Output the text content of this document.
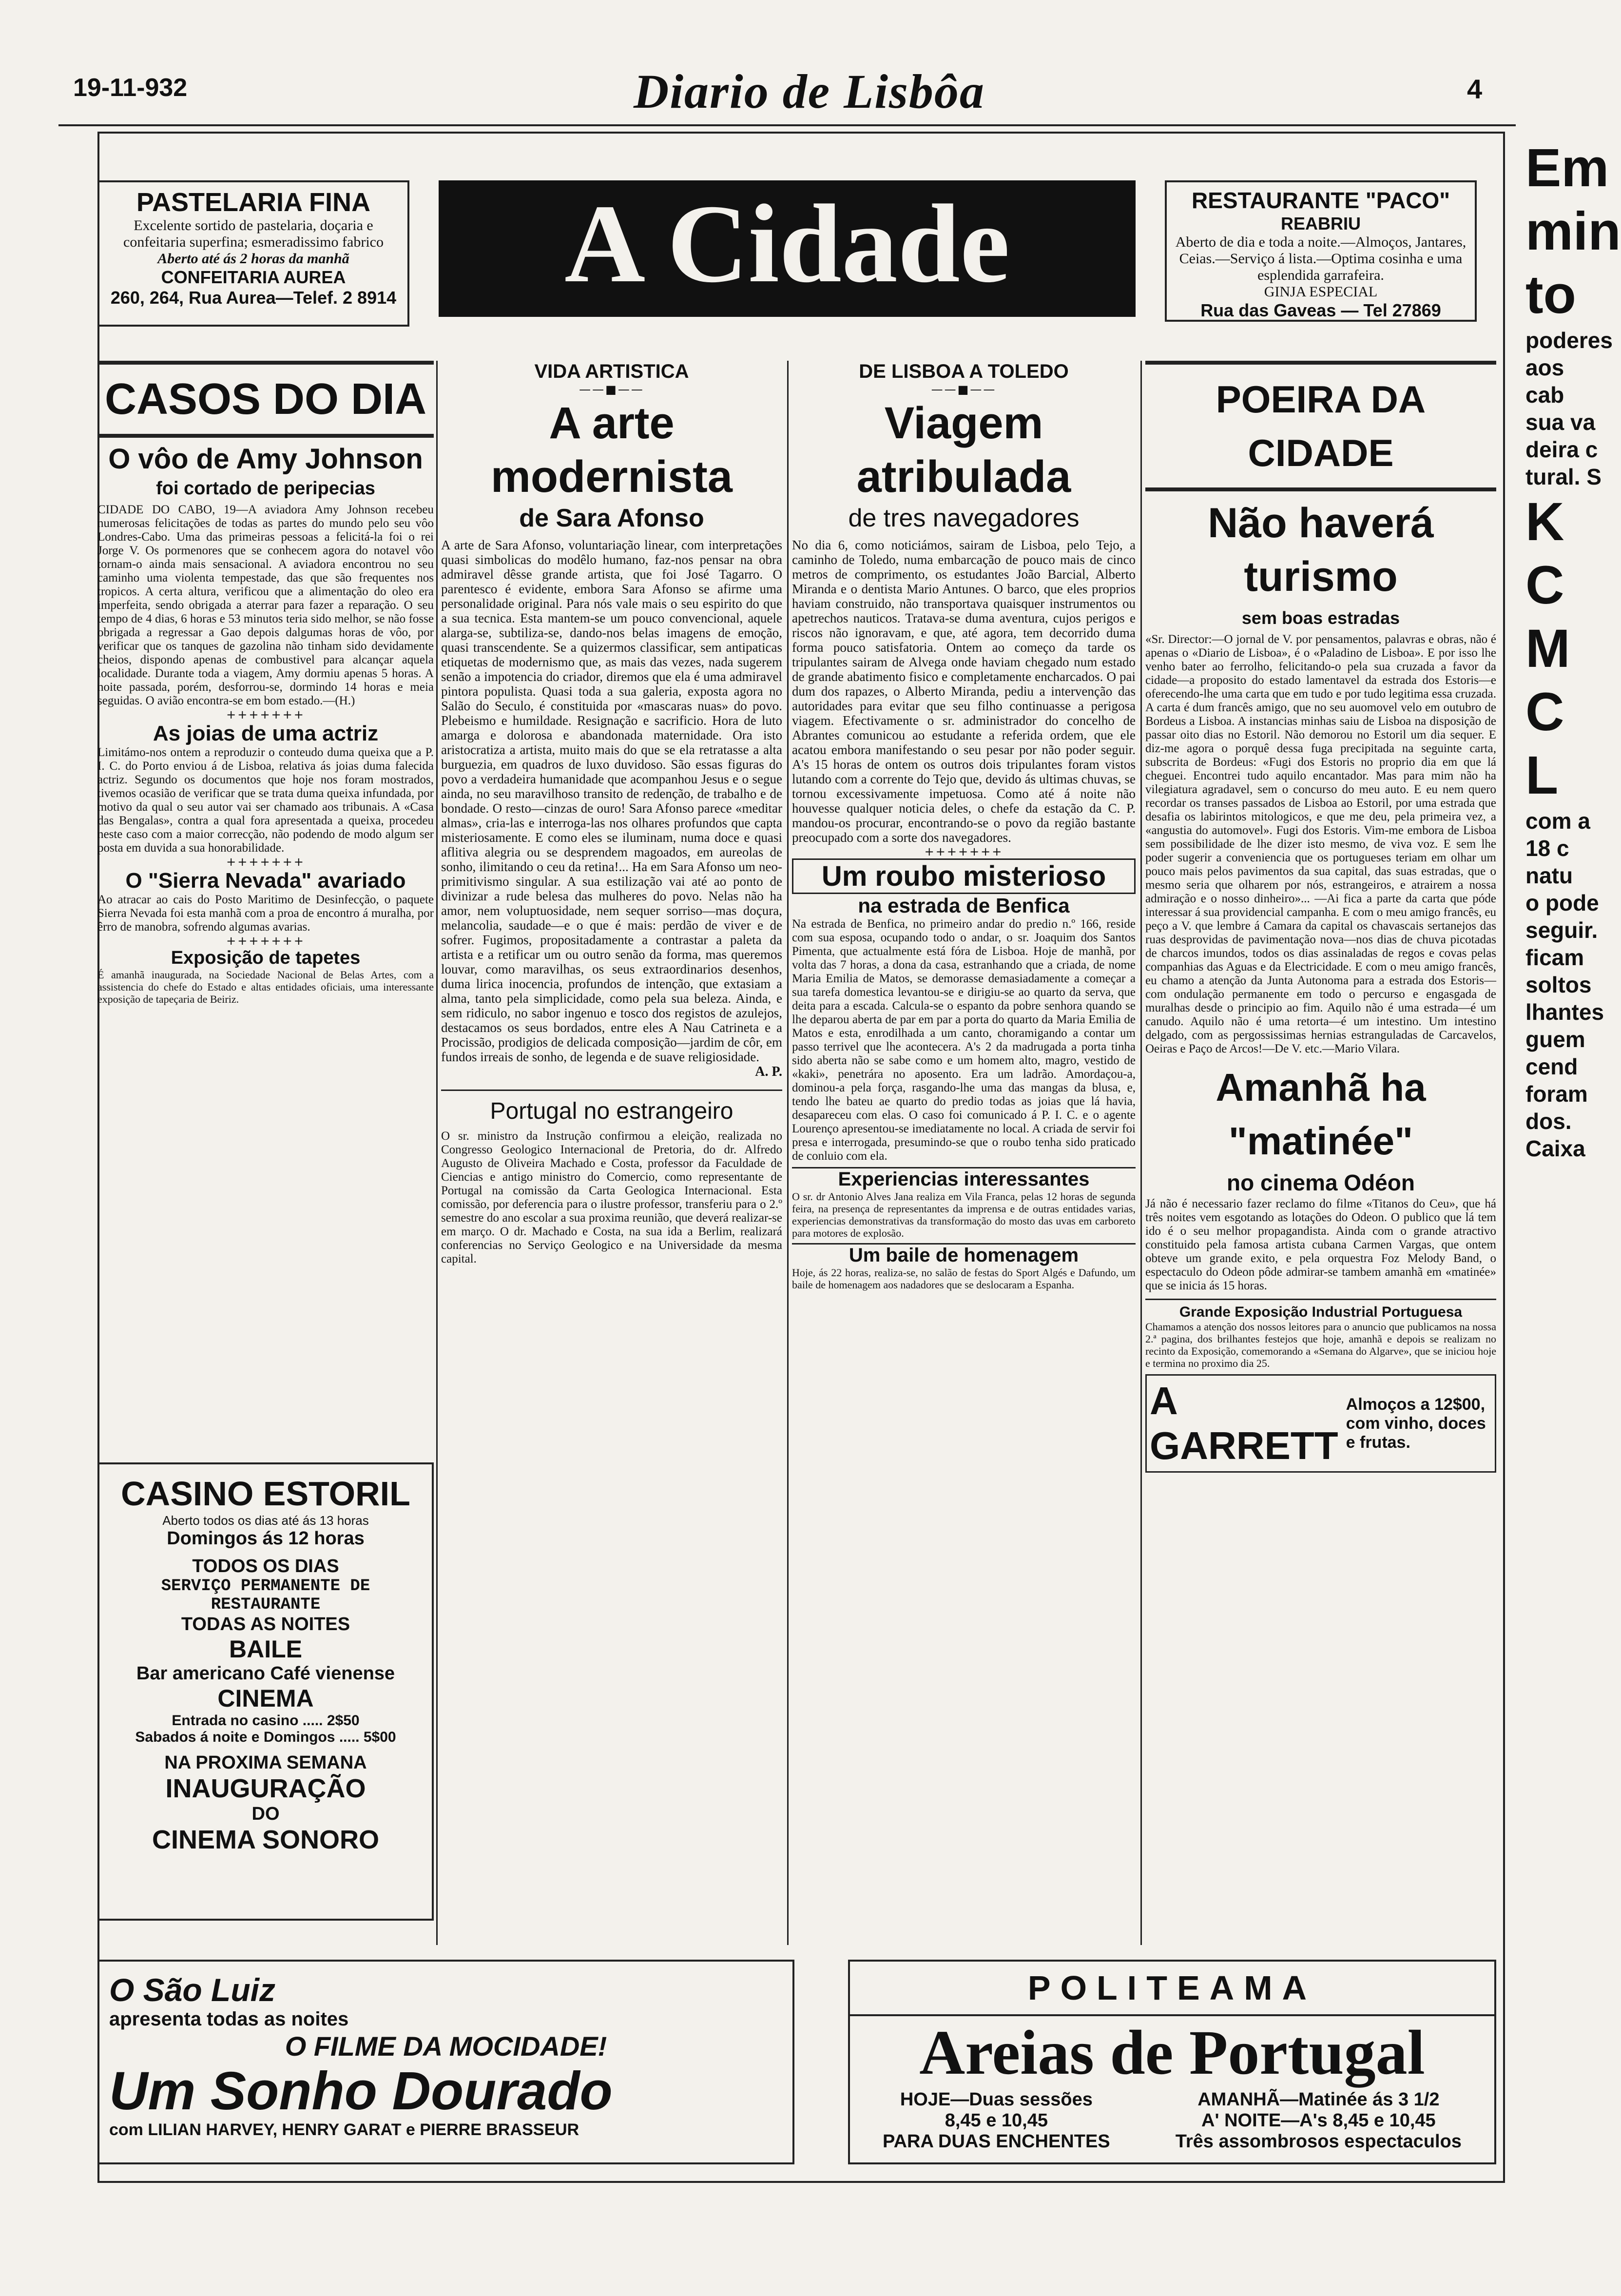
19-11-932	Diario de Lisbôa	4
PASTELARIA FINA
Excelente sortido de pastelaria, doçaria e confeitaria superfina; esmeradissimo fabrico
Aberto até ás 2 horas da manhã
CONFEITARIA AUREA
260, 264, Rua Aurea—Telef. 2 8914	A Cidade	RESTAURANTE "PACO"
REABRIU
Aberto de dia e toda a noite.—Almoços, Jantares, Ceias.—Serviço á lista.—Optima cosinha e uma esplendida garrafeira.
GINJA ESPECIAL
Rua das Gaveas — Tel 27869
CASOS DO DIA
O vôo de Amy Johnson
foi cortado de peripecias
CIDADE DO CABO, 19—A aviadora Amy Johnson recebeu numerosas felicitações de todas as partes do mundo pelo seu vôo Londres-Cabo. Uma das primeiras pessoas a felicitá-la foi o rei Jorge V. Os pormenores que se conhecem agora do notavel vôo tornam-o ainda mais sensacional. A aviadora encontrou no seu caminho uma violenta tempestade, das que são frequentes nos tropicos. A certa altura, verificou que a alimentação do oleo era imperfeita, sendo obrigada a aterrar para fazer a reparação. O seu tempo de 4 dias, 6 horas e 53 minutos teria sido melhor, se não fosse obrigada a regressar a Gao depois dalgumas horas de vôo, por verificar que os tanques de gazolina não tinham sido devidamente cheios, dispondo apenas de combustivel para alcançar aquela localidade. Durante toda a viagem, Amy dormiu apenas 5 horas. A noite passada, porém, desforrou-se, dormindo 14 horas e meia seguidas. O avião encontra-se em bom estado.—(H.)
+++++++
As joias de uma actriz
Limitámo-nos ontem a reproduzir o conteudo duma queixa que a P. I. C. do Porto enviou á de Lisboa, relativa ás joias duma falecida actriz. Segundo os documentos que hoje nos foram mostrados, tivemos ocasião de verificar que se trata duma queixa infundada, por motivo da qual o seu autor vai ser chamado aos tribunais. A «Casa das Bengalas», contra a qual fora apresentada a queixa, procedeu neste caso com a maior correcção, não podendo de modo algum ser posta em duvida a sua honorabilidade.
+++++++
O "Sierra Nevada" avariado
Ao atracar ao cais do Posto Maritimo de Desinfecção, o paquete Sierra Nevada foi esta manhã com a proa de encontro á muralha, por êrro de manobra, sofrendo algumas avarias.
+++++++
Exposição de tapetes
É amanhã inaugurada, na Sociedade Nacional de Belas Artes, com a assistencia do chefe do Estado e altas entidades oficiais, uma interessante exposição de tapeçaria de Beiriz.
CASINO ESTORIL
Aberto todos os dias até ás 13 horas
Domingos ás 12 horas
TODOS OS DIAS
SERVIÇO PERMANENTE DE RESTAURANTE
TODAS AS NOITES
BAILE
Bar americano Café vienense
CINEMA
Entrada no casino ..... 2$50
Sabados á noite e Domingos ..... 5$00
NA PROXIMA SEMANA
INAUGURAÇÃO
DO
CINEMA SONORO
VIDA ARTISTICA
——■——
A arte modernista
de Sara Afonso
A arte de Sara Afonso, voluntariação linear, com interpretações quasi simbolicas do modêlo humano, faz-nos pensar na obra admiravel dêsse grande artista, que foi José Tagarro. O parentesco é evidente, embora Sara Afonso se afirme uma personalidade original. Para nós vale mais o seu espirito do que a sua tecnica. Esta mantem-se um pouco convencional, aquele alarga-se, subtiliza-se, dando-nos belas imagens de emoção, quasi transcendente. Se a quizermos classificar, sem antipaticas etiquetas de modernismo que, as mais das vezes, nada sugerem senão a impotencia do criador, diremos que ela é uma admiravel pintora populista. Quasi toda a sua galeria, exposta agora no Salão do Seculo, é constituida por «mascaras nuas» do povo. Plebeismo e humildade. Resignação e sacrificio. Hora de luto amarga e dolorosa e abandonada maternidade. Ora isto aristocratiza a artista, muito mais do que se ela retratasse a alta burguezia, em quadros de luxo duvidoso. São essas figuras do povo a verdadeira humanidade que acompanhou Jesus e o segue ainda, no seu maravilhoso transito de redenção, de trabalho e de bondade. O resto—cinzas de ouro! Sara Afonso parece «meditar almas», cria-las e interroga-las nos olhares profundos que capta misteriosamente. E como eles se iluminam, numa doce e quasi aflitiva alegria ou se desprendem magoados, em aureolas de sonho, ilimitando o ceu da retina!... Ha em Sara Afonso um neo-primitivismo singular. A sua estilização vai até ao ponto de divinizar a rude belesa das mulheres do povo. Nelas não ha amor, nem voluptuosidade, nem sequer sorriso—mas doçura, melancolia, saudade—e o que é mais: perdão de viver e de sofrer. Fugimos, propositadamente a contrastar a paleta da artista e a retificar um ou outro senão da forma, mas queremos louvar, como maravilhas, os seus extraordinarios desenhos, duma lirica inocencia, profundos de intenção, que extasiam a alma, tanto pela simplicidade, como pela sua beleza. Ainda, e sem ridiculo, no sabor ingenuo e tosco dos registos de azulejos, destacamos os seus bordados, entre eles A Nau Catrineta e a Procissão, prodigios de delicada composição—jardim de côr, em fundos irreais de sonho, de legenda e de suave religiosidade.
A. P.
Portugal no estrangeiro
O sr. ministro da Instrução confirmou a eleição, realizada no Congresso Geologico Internacional de Pretoria, do dr. Alfredo Augusto de Oliveira Machado e Costa, professor da Faculdade de Ciencias e antigo ministro do Comercio, como representante de Portugal na comissão da Carta Geologica Internacional. Esta comissão, por deferencia para o ilustre professor, transferiu para o 2.º semestre do ano escolar a sua proxima reunião, que deverá realizar-se em março. O dr. Machado e Costa, na sua ida a Berlim, realizará conferencias no Serviço Geologico e na Universidade da mesma capital.
DE LISBOA A TOLEDO
——■——
Viagem atribulada
de tres navegadores
No dia 6, como noticiámos, sairam de Lisboa, pelo Tejo, a caminho de Toledo, numa embarcação de pouco mais de cinco metros de comprimento, os estudantes João Barcial, Alberto Miranda e o dentista Mario Antunes. O barco, que eles proprios haviam construido, não transportava quaisquer instrumentos ou apetrechos nauticos. Tratava-se duma aventura, cujos perigos e riscos não ignoravam, e que, até agora, tem decorrido duma forma pouco satisfatoria. Ontem ao começo da tarde os tripulantes sairam de Alvega onde haviam chegado num estado de grande abatimento fisico e completamente encharcados. O pai dum dos rapazes, o Alberto Miranda, pediu a intervenção das autoridades para evitar que seu filho continuasse a perigosa viagem. Efectivamente o sr. administrador do concelho de Abrantes comunicou ao estudante a referida ordem, que ele acatou embora manifestando o seu pesar por não poder seguir. A's 15 horas de ontem os outros dois tripulantes foram vistos lutando com a corrente do Tejo que, devido ás ultimas chuvas, se tornou excessivamente impetuosa. Como até á noite não houvesse qualquer noticia deles, o chefe da estação da C. P. mandou-os procurar, encontrando-se o povo da região bastante preocupado com a sorte dos navegadores.
+++++++
Um roubo misterioso
na estrada de Benfica
Na estrada de Benfica, no primeiro andar do predio n.º 166, reside com sua esposa, ocupando todo o andar, o sr. Joaquim dos Santos Pimenta, que actualmente está fóra de Lisboa. Hoje de manhã, por volta das 7 horas, a dona da casa, estranhando que a criada, de nome Maria Emilia de Matos, se demorasse demasiadamente a começar a sua tarefa domestica levantou-se e dirigiu-se ao quarto da serva, que deita para a escada. Calcula-se o espanto da pobre senhora quando se lhe deparou aberta de par em par a porta do quarto da Maria Emilia de Matos e esta, enrodilhada a um canto, choramigando a contar um passo terrivel que lhe acontecera. A's 2 da madrugada a porta tinha sido aberta não se sabe como e um homem alto, magro, vestido de «kaki», penetrára no aposento. Era um ladrão. Amordaçou-a, dominou-a pela força, rasgando-lhe uma das mangas da blusa, e, tendo lhe bateu ae quarto do predio todas as joias que lá havia, desapareceu com elas. O caso foi comunicado á P. I. C. e o agente Lourenço apresentou-se imediatamente no local. A criada de servir foi presa e interrogada, presumindo-se que o roubo tenha sido praticado de conluio com ela.
Experiencias interessantes
O sr. dr Antonio Alves Jana realiza em Vila Franca, pelas 12 horas de segunda feira, na presença de representantes da imprensa e de outras entidades varias, experiencias demonstrativas da transformação do mosto das uvas em carboreto para motores de explosão.
Um baile de homenagem
Hoje, ás 22 horas, realiza-se, no salão de festas do Sport Algés e Dafundo, um baile de homenagem aos nadadores que se deslocaram a Espanha.
POEIRA DA CIDADE
Não haverá turismo
sem boas estradas
«Sr. Director:—O jornal de V. por pensamentos, palavras e obras, não é apenas o «Diario de Lisboa», é o «Paladino de Lisboa». E por isso lhe venho bater ao ferrolho, felicitando-o pela sua cruzada a favor da cidade—a proposito do estado lamentavel da estrada dos Estoris—e oferecendo-lhe uma carta que em tudo e por tudo legitima essa cruzada. A carta é dum francês amigo, que no seu auomovel velo em outubro de Bordeus a Lisboa. A instancias minhas saiu de Lisboa na disposição de passar oito dias no Estoril. Não demorou no Estoril um dia sequer. E diz-me agora o porquê dessa fuga precipitada na seguinte carta, subscrita de Bordeus: «Fugi dos Estoris no proprio dia em que lá cheguei. Encontrei tudo aquilo encantador. Mas para mim não ha vilegiatura agradavel, sem o concurso do meu auto. E eu nem quero recordar os transes passados de Lisboa ao Estoril, por uma estrada que desafia os labirintos mitologicos, e que me deu, pela primeira vez, a «angustia do automovel». Fugi dos Estoris. Vim-me embora de Lisboa sem possibilidade de lhe dizer isto mesmo, de viva voz. E sem lhe poder sugerir a conveniencia que os portugueses teriam em olhar um pouco mais pelos pavimentos da sua capital, das suas estradas, que o mesmo seria que olharem por nós, estrangeiros, e atrairem a nossa admiração e o nosso dinheiro»... —Ai fica a parte da carta que póde interessar á sua providencial campanha. E com o meu amigo francês, eu peço a V. que lembre á Camara da capital os chavascais sertanejos das ruas desprovidas de pavimentação nova—nos dias de chuva picotadas de charcos imundos, todos os dias assinaladas de regos e covas pelas companhias das Aguas e da Electricidade. E com o meu amigo francês, eu chamo a atenção da Junta Autonoma para a estrada dos Estoris—com ondulação permanente em todo o percurso e engasgada de muralhas desde o principio ao fim. Aquilo não é uma estrada—é um canudo. Aquilo não é uma retorta—é um intestino. Um intestino delgado, com as pergossissimas hernias estranguladas de Carcavelos, Oeiras e Paço de Arcos!—De V. etc.—Mario Vilara.
Amanhã ha "matinée"
no cinema Odéon
Já não é necessario fazer reclamo do filme «Titanos do Ceu», que há três noites vem esgotando as lotações do Odeon. O publico que lá tem ido é o seu melhor propagandista. Ainda com o grande atractivo constituido pela famosa artista cubana Carmen Vargas, que ontem obteve um grande exito, e pela orquestra Foz Melody Band, o espectaculo do Odeon pôde admirar-se tambem amanhã em «matinée» que se inicia ás 15 horas.
Grande Exposição Industrial Portuguesa
Chamamos a atenção dos nossos leitores para o anuncio que publicamos na nossa 2.ª pagina, dos brilhantes festejos que hoje, amanhã e depois se realizam no recinto da Exposição, comemorando a «Semana do Algarve», que se iniciou hoje e termina no proximo dia 25.
A GARRETT
Almoços a 12$00, com vinho, doces e frutas.
O São Luiz
apresenta todas as noites
O FILME DA MOCIDADE!
Um Sonho Dourado
com LILIAN HARVEY, HENRY GARAT e PIERRE BRASSEUR
POLITEAMA
Areias de Portugal
HOJE—Duas sessões
8,45 e 10,45
PARA DUAS ENCHENTES
AMANHÃ—Matinée ás 3 1/2
A' NOITE—A's 8,45 e 10,45
Três assombrosos espectaculos
Em
min
to
poderes
aos cab
sua va
deira c
tural. S
K
C
M
C
L
com a
18 c
natu
o pode
seguir.
ficam
soltos
lhantes
guem
cend
foram
dos.
Caixa
